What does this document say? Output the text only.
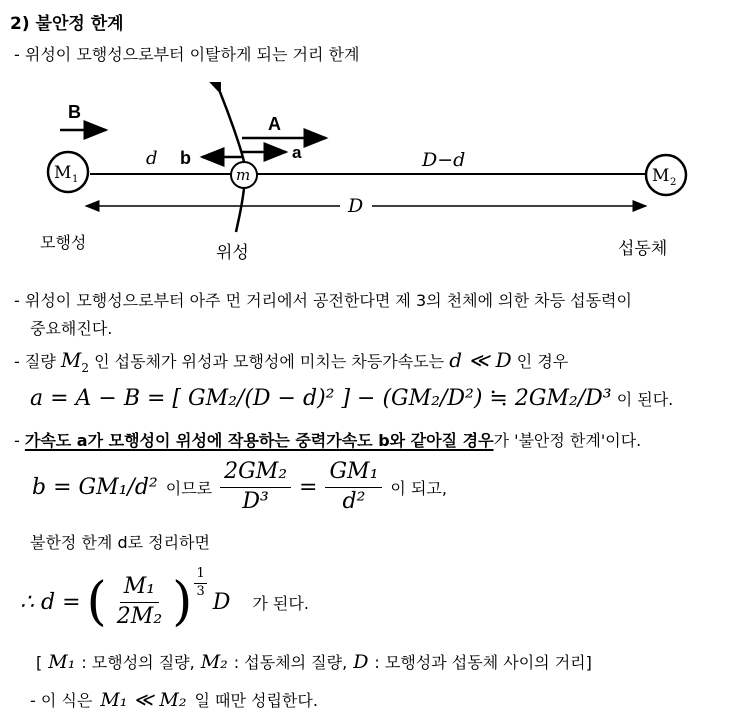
2) 불안정 한계
- 위성이 모행성으로부터 이탈하게 되는 거리 한계
B
A
a
b
d
m
M 1	M 2
D−d
D
모행성
위성	섭동체
- 위성이 모행성으로부터 아주 먼 거리에서 공전한다면 제 3의 천체에 의한 차등 섭동력이
중요해진다.
- 질량 $M_2$ 인 섭동체가 위성과 모행성에 미치는 차등가속도는 d ≪ D 인 경우
a = A − B = [ GM₂/(D − d)² ] − (GM₂/D²) ≒ 2GM₂/D³ 이 된다.
- 가속도 a가 모행성이 위성에 작용하는 중력가속도 b와 같아질 경우가 '불안정 한계'이다.
b = GM₁/d² 이므로 $\frac{\text{2GM₂}}{\text{D³}} = \frac{\text{GM₁}}{\text{d²}}$ 이 되고,
불한정 한계 d로 정리하면
∴ d = ( $\frac{\text{M₁}}{\text{2M₂}}$ ) $\frac{1}{3}$
D 가 된다.
[ M₁ : 모행성의 질량, M₂ : 섭동체의 질량, D : 모행성과 섭동체 사이의 거리]
- 이 식은 M₁ ≪ M₂ 일 때만 성립한다.
